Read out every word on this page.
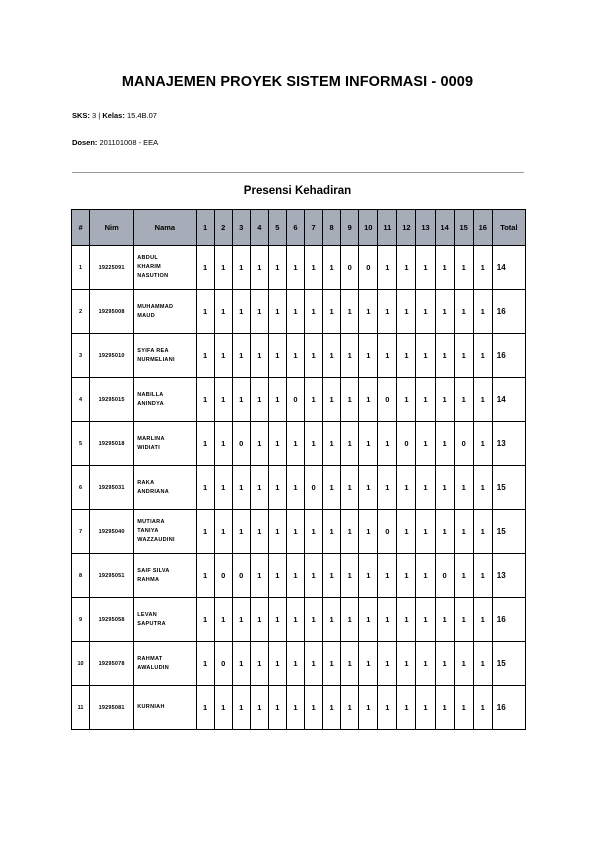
MANAJEMEN PROYEK SISTEM INFORMASI - 0009
SKS: 3 | Kelas: 15.4B.07
Dosen: 201101008 - EEA
Presensi Kehadiran
#	Nim	Nama	1	2	3	4	5	6	7	8	9	10	11	12	13	14	15	16	Total
1	19225091	ABDUL
KHARIM
NASUTION	1	1	1	1	1	1	1	1	0	0	1	1	1	1	1	1	14
2	19295008	MUHAMMAD
MAUD	1	1	1	1	1	1	1	1	1	1	1	1	1	1	1	1	16
3	19295010	SYIFA REA
NURMELIANI	1	1	1	1	1	1	1	1	1	1	1	1	1	1	1	1	16
4	19295015	NABILLA
ANINDYA	1	1	1	1	1	0	1	1	1	1	0	1	1	1	1	1	14
5	19295018	MARLINA
WIDIATI	1	1	0	1	1	1	1	1	1	1	1	0	1	1	0	1	13
6	19295031	RAKA
ANDRIANA	1	1	1	1	1	1	0	1	1	1	1	1	1	1	1	1	15
7	19295040	MUTIARA
TANIYA
WAZZAUDINI	1	1	1	1	1	1	1	1	1	1	0	1	1	1	1	1	15
8	19295051	SAIF SILVA
RAHMA	1	0	0	1	1	1	1	1	1	1	1	1	1	0	1	1	13
9	19295058	LEVAN
SAPUTRA	1	1	1	1	1	1	1	1	1	1	1	1	1	1	1	1	16
10	19295078	RAHMAT
AWALUDIN	1	0	1	1	1	1	1	1	1	1	1	1	1	1	1	1	15
11	19295081	KURNIAH	1	1	1	1	1	1	1	1	1	1	1	1	1	1	1	1	16
